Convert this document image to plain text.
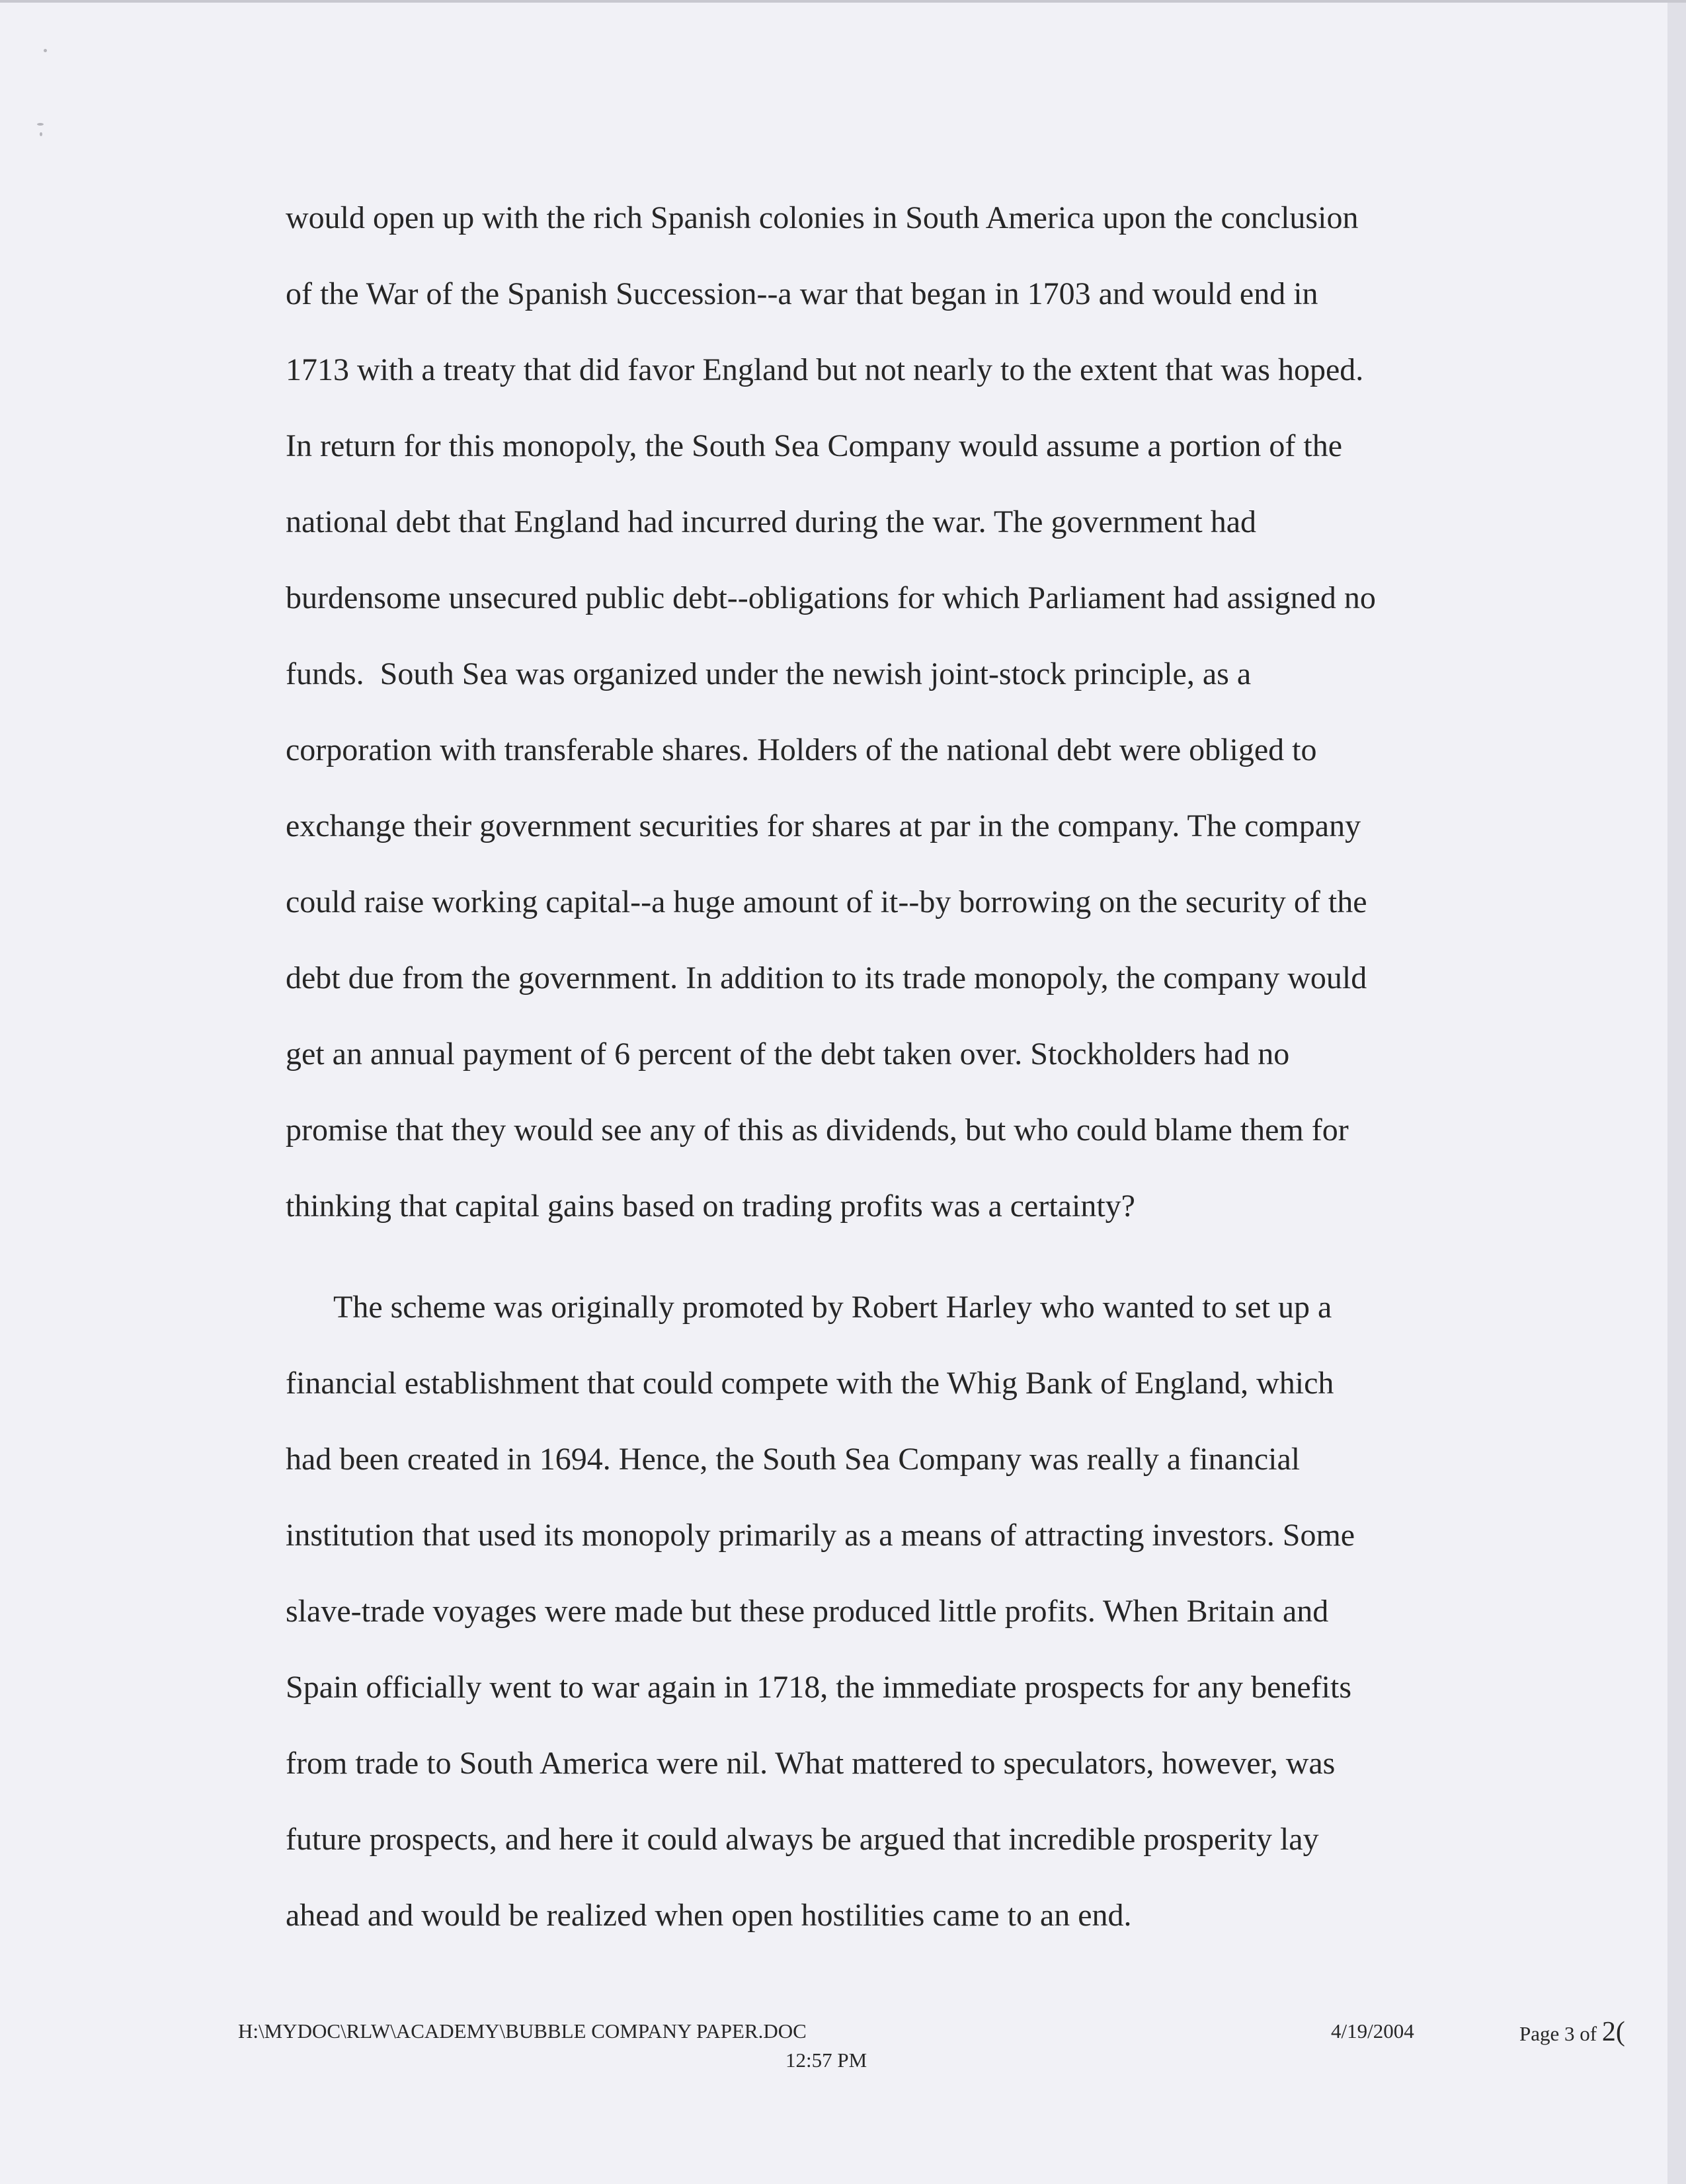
would open up with the rich Spanish colonies in South America upon the conclusion
of the War of the Spanish Succession--a war that began in 1703 and would end in
1713 with a treaty that did favor England but not nearly to the extent that was hoped.
In return for this monopoly, the South Sea Company would assume a portion of the
national debt that England had incurred during the war. The government had
burdensome unsecured public debt--obligations for which Parliament had assigned no
funds.  South Sea was organized under the newish joint-stock principle, as a
corporation with transferable shares. Holders of the national debt were obliged to
exchange their government securities for shares at par in the company. The company
could raise working capital--a huge amount of it--by borrowing on the security of the
debt due from the government. In addition to its trade monopoly, the company would
get an annual payment of 6 percent of the debt taken over. Stockholders had no
promise that they would see any of this as dividends, but who could blame them for
thinking that capital gains based on trading profits was a certainty?
The scheme was originally promoted by Robert Harley who wanted to set up a
financial establishment that could compete with the Whig Bank of England, which
had been created in 1694. Hence, the South Sea Company was really a financial
institution that used its monopoly primarily as a means of attracting investors. Some
slave-trade voyages were made but these produced little profits. When Britain and
Spain officially went to war again in 1718, the immediate prospects for any benefits
from trade to South America were nil. What mattered to speculators, however, was
future prospects, and here it could always be argued that incredible prosperity lay
ahead and would be realized when open hostilities came to an end.
H:\MYDOC\RLW\ACADEMY\BUBBLE COMPANY PAPER.DOC
12:57 PM
4/19/2004	Page 3 of 2(
